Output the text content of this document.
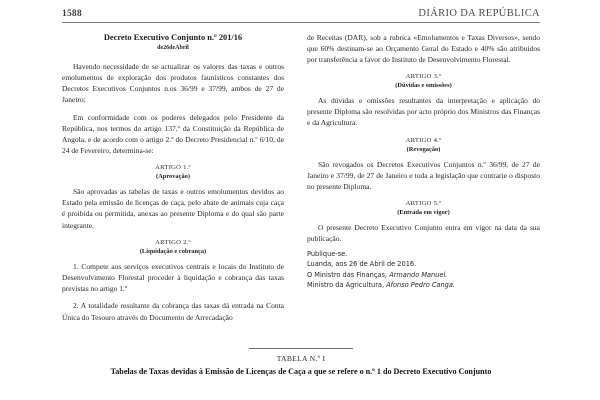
1588	DIÁRIO DA REPÚBLICA
Decreto Executivo Conjunto n.º 201/16
de26deAbril

Havendo necessidade de se actualizar os valores das taxas e outros emolumentos de exploração dos produtos faunísticos constantes dos Decretos Executivos Conjuntos n.os 36/99 e 37/99, ambos de 27 de Janeiro;

Em conformidade com os poderes delegados pelo Presidente da República, nos termos do artigo 137.º da Constituição da República de Angola, e de acordo com o artigo 2.º do Decreto Presidencial n.º 6/10, de 24 de Fevereiro, determina-se:

ARTIGO 1.º
(Aprovação)

São aprovadas as tabelas de taxas e outros emolumentos devidos ao Estado pela emissão de licenças de caça, pelo abate de animais cuja caça é proibida ou permitida, anexas ao presente Diploma e do qual são parte integrante.

ARTIGO 2.º
(Liquidação e cobrança)

1. Compete aos serviços executivos centrais e locais do Instituto de Desenvolvimento Florestal proceder à liquidação e cobrança das taxas previstas no artigo 1.º

2. A totalidade resultante da cobrança das taxas dá entrada na Conta Única do Tesouro através do Documento de Arrecadação

de Receitas (DAR), sob a rubrica «Emolumentos e Taxas Diversos», sendo que 60% destinam-se ao Orçamento Geral do Estado e 40% são atribuidos por transferência a favor do Instituto de Desenvolvimento Florestal.

ARTIGO 3.º
(Dúvidas e omissões)

As dúvidas e omissões resultantes da interpretação e aplicação do presente Diploma são resolvidas por acto próprio dos Ministros das Finanças e da Agricultura.

ARTIGO 4.º
(Revogação)

São revogados os Decretos Executivos Conjuntos n.º 36/99, de 27 de Janeiro e 37/99, de 27 de Janeiro e toda a legislação que contrarie o disposto no presente Diploma.

ARTIGO 5.º
(Entrada em vigor)

O presente Decreto Executivo Conjunto entra em vigor na data da sua publicação.

Publique-se.

Luanda, aos 26 de Abril de 2016.

O Ministro das Finanças, Armando Manuel.

Ministro da Agricultura, Afonso Pedro Canga.

TABELA N.º I
Tabelas de Taxas devidas à Emissão de Licenças de Caça a que se refere o n.º 1 do Decreto Executivo Conjunto
